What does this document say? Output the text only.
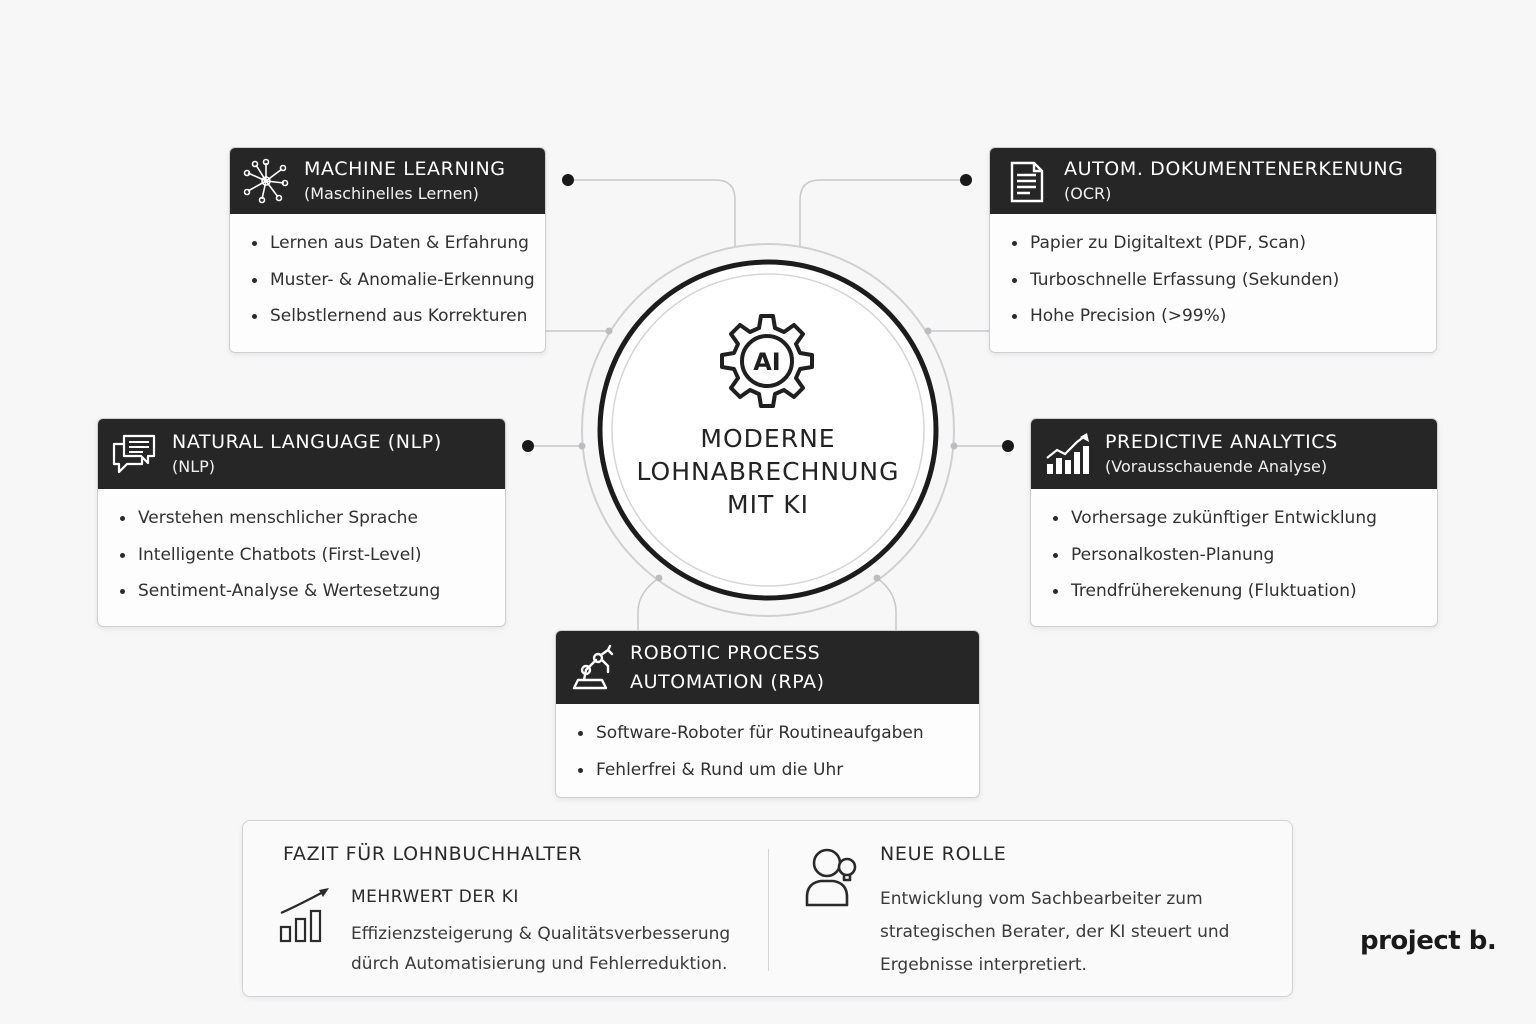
AI
MODERNE
LOHNABRECHNUNG
MIT KI
MACHINE LEARNING
(Maschinelles Lernen)
Lernen aus Daten & Erfahrung
Muster- & Anomalie-Erkennung
Selbstlernend aus Korrekturen
AUTOM. DOKUMENTENERKENUNG
(OCR)
Papier zu Digitaltext (PDF, Scan)
Turboschnelle Erfassung (Sekunden)
Hohe Precision (>99%)
NATURAL LANGUAGE (NLP)
(NLP)
Verstehen menschlicher Sprache
Intelligente Chatbots (First-Level)
Sentiment-Analyse & Wertesetzung
PREDICTIVE ANALYTICS
(Vorausschauende Analyse)
Vorhersage zukünftiger Entwicklung
Personalkosten-Planung
Trendfrüherekenung (Fluktuation)
ROBOTIC PROCESS
AUTOMATION (RPA)
Software-Roboter für Routineaufgaben
Fehlerfrei & Rund um die Uhr
FAZIT FÜR LOHNBUCHHALTER
MEHRWERT DER KI
Effizienzsteigerung & Qualitätsverbesserung dürch Automatisierung und Fehlerreduktion.
NEUE ROLLE
Entwicklung vom Sachbearbeiter zum strategischen Berater, der KI steuert und Ergebnisse interpretiert.
project b.
